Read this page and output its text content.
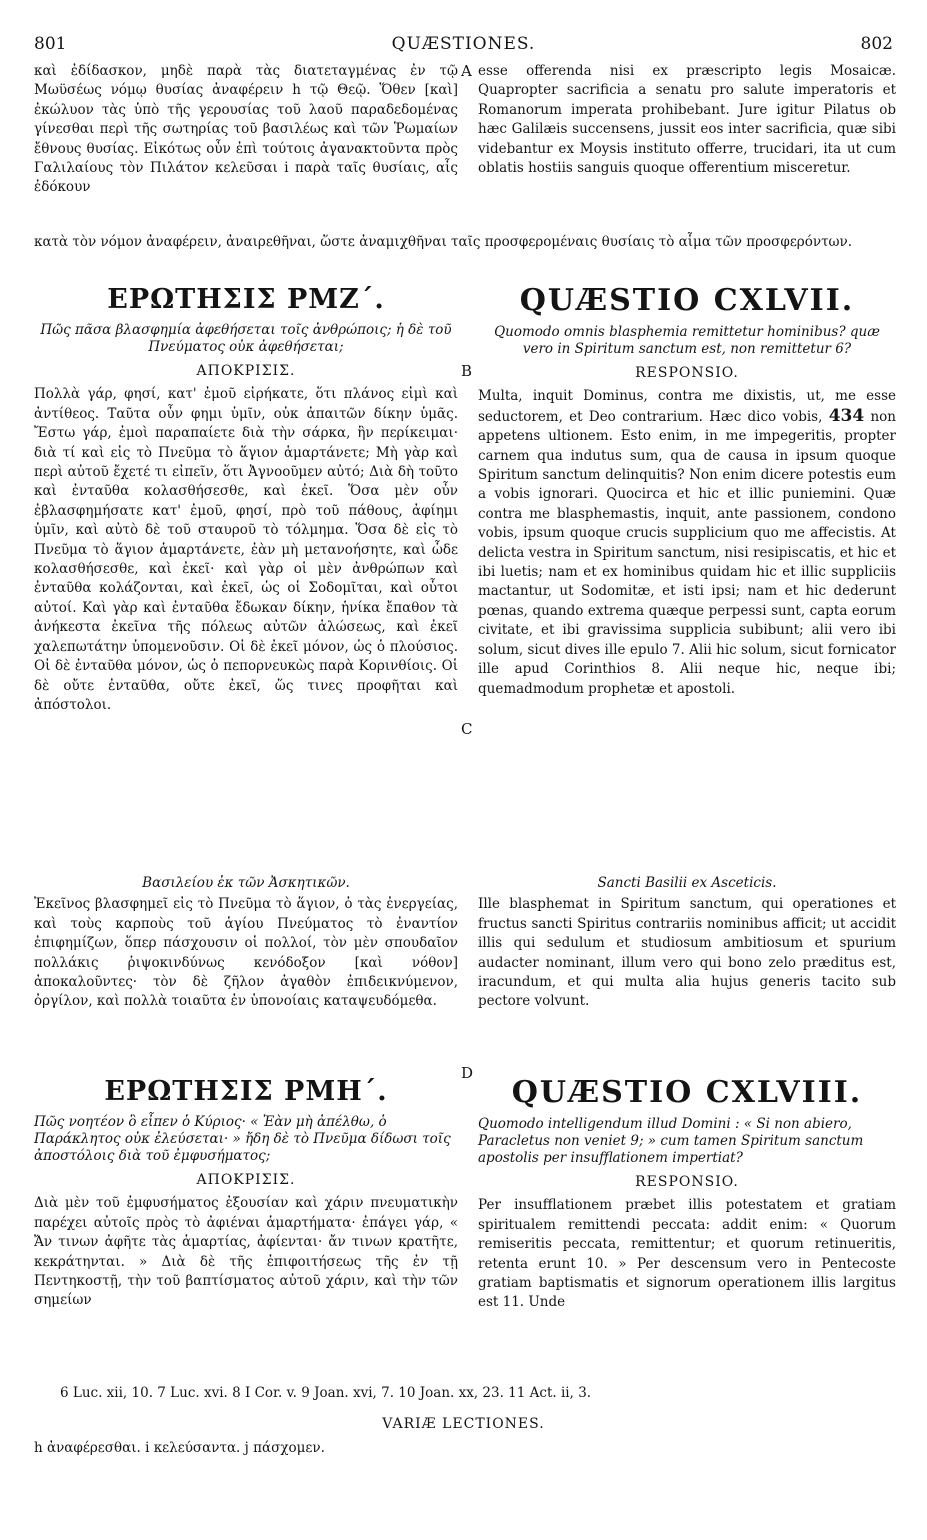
801	QUÆSTIONES.	802

καὶ ἐδίδασκον, μηδὲ παρὰ τὰς διατεταγμένας ἐν τῷ Μωϋσέως νόμῳ θυσίας ἀναφέρειν h τῷ Θεῷ. Ὅθεν [καὶ] ἐκώλυον τὰς ὑπὸ τῆς γερουσίας τοῦ λαοῦ παραδεδομένας γίνεσθαι περὶ τῆς σωτηρίας τοῦ βασιλέως καὶ τῶν Ῥωμαίων ἔθνους θυσίας. Εἰκότως οὖν ἐπὶ τούτοις ἀγανακτοῦντα πρὸς Γαλιλαίους τὸν Πιλάτον κελεῦσαι i παρὰ ταῖς θυσίαις, αἷς ἐδόκουν

A esse offerenda nisi ex præscripto legis Mosaicæ. Quapropter sacrificia a senatu pro salute imperatoris et Romanorum imperata prohibebant. Jure igitur Pilatus ob hæc Galilæis succensens, jussit eos inter sacrificia, quæ sibi videbantur ex Moysis instituto offerre, trucidari, ita ut cum oblatis hostiis sanguis quoque offerentium misceretur.

κατὰ τὸν νόμον ἀναφέρειν, ἀναιρεθῆναι, ὥστε ἀναμιχθῆναι ταῖς προσφερομέναις θυσίαις τὸ αἷμα τῶν προσφερόντων.

ΕΡΩΤΗΣΙΣ ΡΜΖ΄.

Πῶς πᾶσα βλασφημία ἀφεθήσεται τοῖς ἀνθρώποις; ἡ δὲ τοῦ Πνεύματος οὐκ ἀφεθήσεται;

ΑΠΟΚΡΙΣΙΣ.

Πολλὰ γάρ, φησί, κατ' ἐμοῦ εἰρήκατε, ὅτι πλάνος εἰμὶ καὶ ἀντίθεος. Ταῦτα οὖν φημι ὑμῖν, οὐκ ἀπαιτῶν δίκην ὑμᾶς. Ἔστω γάρ, ἐμοὶ παραπαίετε διὰ τὴν σάρκα, ἣν περίκειμαι· διὰ τί καὶ εἰς τὸ Πνεῦμα τὸ ἅγιον ἁμαρτάνετε; Μὴ γὰρ καὶ περὶ αὐτοῦ ἔχετέ τι εἰπεῖν, ὅτι Ἀγνοοῦμεν αὐτό; Διὰ δὴ τοῦτο καὶ ἐνταῦθα κολασθήσεσθε, καὶ ἐκεῖ. Ὅσα μὲν οὖν ἐβλασφημήσατε κατ' ἐμοῦ, φησί, πρὸ τοῦ πάθους, ἀφίημι ὑμῖν, καὶ αὐτὸ δὲ τοῦ σταυροῦ τὸ τόλμημα. Ὅσα δὲ εἰς τὸ Πνεῦμα τὸ ἅγιον ἁμαρτάνετε, ἐὰν μὴ μετανοήσητε, καὶ ὧδε κολασθήσεσθε, καὶ ἐκεῖ· καὶ γὰρ οἱ μὲν ἀνθρώπων καὶ ἐνταῦθα κολάζονται, καὶ ἐκεῖ, ὡς οἱ Σοδομῖται, καὶ οὗτοι αὐτοί. Καὶ γὰρ καὶ ἐνταῦθα ἔδωκαν δίκην, ἡνίκα ἔπαθον τὰ ἀνήκεστα ἐκεῖνα τῆς πόλεως αὐτῶν ἁλώσεως, καὶ ἐκεῖ χαλεπωτάτην ὑπομενοῦσιν. Οἱ δὲ ἐκεῖ μόνον, ὡς ὁ πλούσιος. Οἱ δὲ ἐνταῦθα μόνον, ὡς ὁ πεπορνευκὼς παρὰ Κορινθίοις. Οἱ δὲ οὔτε ἐνταῦθα, οὔτε ἐκεῖ, ὥς τινες προφῆται καὶ ἀπόστολοι.

B
QUÆSTIO CXLVII.

Quomodo omnis blasphemia remittetur hominibus? quæ vero in Spiritum sanctum est, non remittetur 6?

RESPONSIO.

Multa, inquit Dominus, contra me dixistis, ut, me esse seductorem, et Deo contrarium. Hæc dico vobis, 434 non appetens ultionem. Esto enim, in me impegeritis, propter carnem qua indutus sum, qua de causa in ipsum quoque Spiritum sanctum delinquitis? Non enim dicere potestis eum a vobis ignorari. Quocirca et hic et illic puniemini. Quæ contra me blasphemastis, inquit, ante passionem, condono vobis, ipsum quoque crucis supplicium quo me affecistis. At delicta vestra in Spiritum sanctum, nisi resipiscatis, et hic et ibi luetis; nam et ex hominibus quidam hic et illic suppliciis mactantur, ut Sodomitæ, et isti ipsi; nam et hic dederunt pœnas, quando extrema quæque perpessi sunt, capta eorum civitate, et ibi gravissima supplicia subibunt; alii vero ibi solum, sicut dives ille epulo 7. Alii hic solum, sicut fornicator ille apud Corinthios 8. Alii neque hic, neque ibi; quemadmodum prophetæ et apostoli.

C

Βασιλείου ἐκ τῶν Ἀσκητικῶν.

Ἐκεῖνος βλασφημεῖ εἰς τὸ Πνεῦμα τὸ ἅγιον, ὁ τὰς ἐνεργείας, καὶ τοὺς καρποὺς τοῦ ἁγίου Πνεύματος τὸ ἐναντίον ἐπιφημίζων, ὅπερ πάσχουσιν οἱ πολλοί, τὸν μὲν σπουδαῖον πολλάκις ῥιψοκινδύνως κενόδοξον [καὶ νόθον] ἀποκαλοῦντες· τὸν δὲ ζῆλον ἀγαθὸν ἐπιδεικνύμενον, ὀργίλον, καὶ πολλὰ τοιαῦτα ἐν ὑπονοίαις καταψευδόμεθα.

Sancti Basilii ex Asceticis.

Ille blasphemat in Spiritum sanctum, qui operationes et fructus sancti Spiritus contrariis nominibus afficit; ut accidit illis qui sedulum et studiosum ambitiosum et spurium audacter nominant, illum vero qui bono zelo præditus est, iracundum, et qui multa alia hujus generis tacito sub pectore volvunt.

D
ΕΡΩΤΗΣΙΣ ΡΜΗ΄.

Πῶς νοητέον ὃ εἶπεν ὁ Κύριος· « Ἐὰν μὴ ἀπέλθω, ὁ Παράκλητος οὐκ ἐλεύσεται· » ἤδη δὲ τὸ Πνεῦμα δίδωσι τοῖς ἀποστόλοις διὰ τοῦ ἐμφυσήματος;

ΑΠΟΚΡΙΣΙΣ.

Διὰ μὲν τοῦ ἐμφυσήματος ἐξουσίαν καὶ χάριν πνευματικὴν παρέχει αὐτοῖς πρὸς τὸ ἀφιέναι ἁμαρτήματα· ἐπάγει γάρ, « Ἄν τινων ἀφῆτε τὰς ἁμαρτίας, ἀφίενται· ἄν τινων κρατῆτε, κεκράτηνται. » Διὰ δὲ τῆς ἐπιφοιτήσεως τῆς ἐν τῇ Πεντηκοστῇ, τὴν τοῦ βαπτίσματος αὐτοῦ χάριν, καὶ τὴν τῶν σημείων

QUÆSTIO CXLVIII.

Quomodo intelligendum illud Domini : « Si non abiero, Paracletus non veniet 9; » cum tamen Spiritum sanctum apostolis per insufflationem impertiat?

RESPONSIO.

Per insufflationem præbet illis potestatem et gratiam spiritualem remittendi peccata: addit enim: « Quorum remiseritis peccata, remittentur; et quorum retinueritis, retenta erunt 10. » Per descensum vero in Pentecoste gratiam baptismatis et signorum operationem illis largitus est 11. Unde

6 Luc. xii, 10. 7 Luc. xvi. 8 I Cor. v. 9 Joan. xvi, 7. 10 Joan. xx, 23. 11 Act. ii, 3.
VARIÆ LECTIONES.
h ἀναφέρεσθαι. i κελεύσαντα. j πάσχομεν.
